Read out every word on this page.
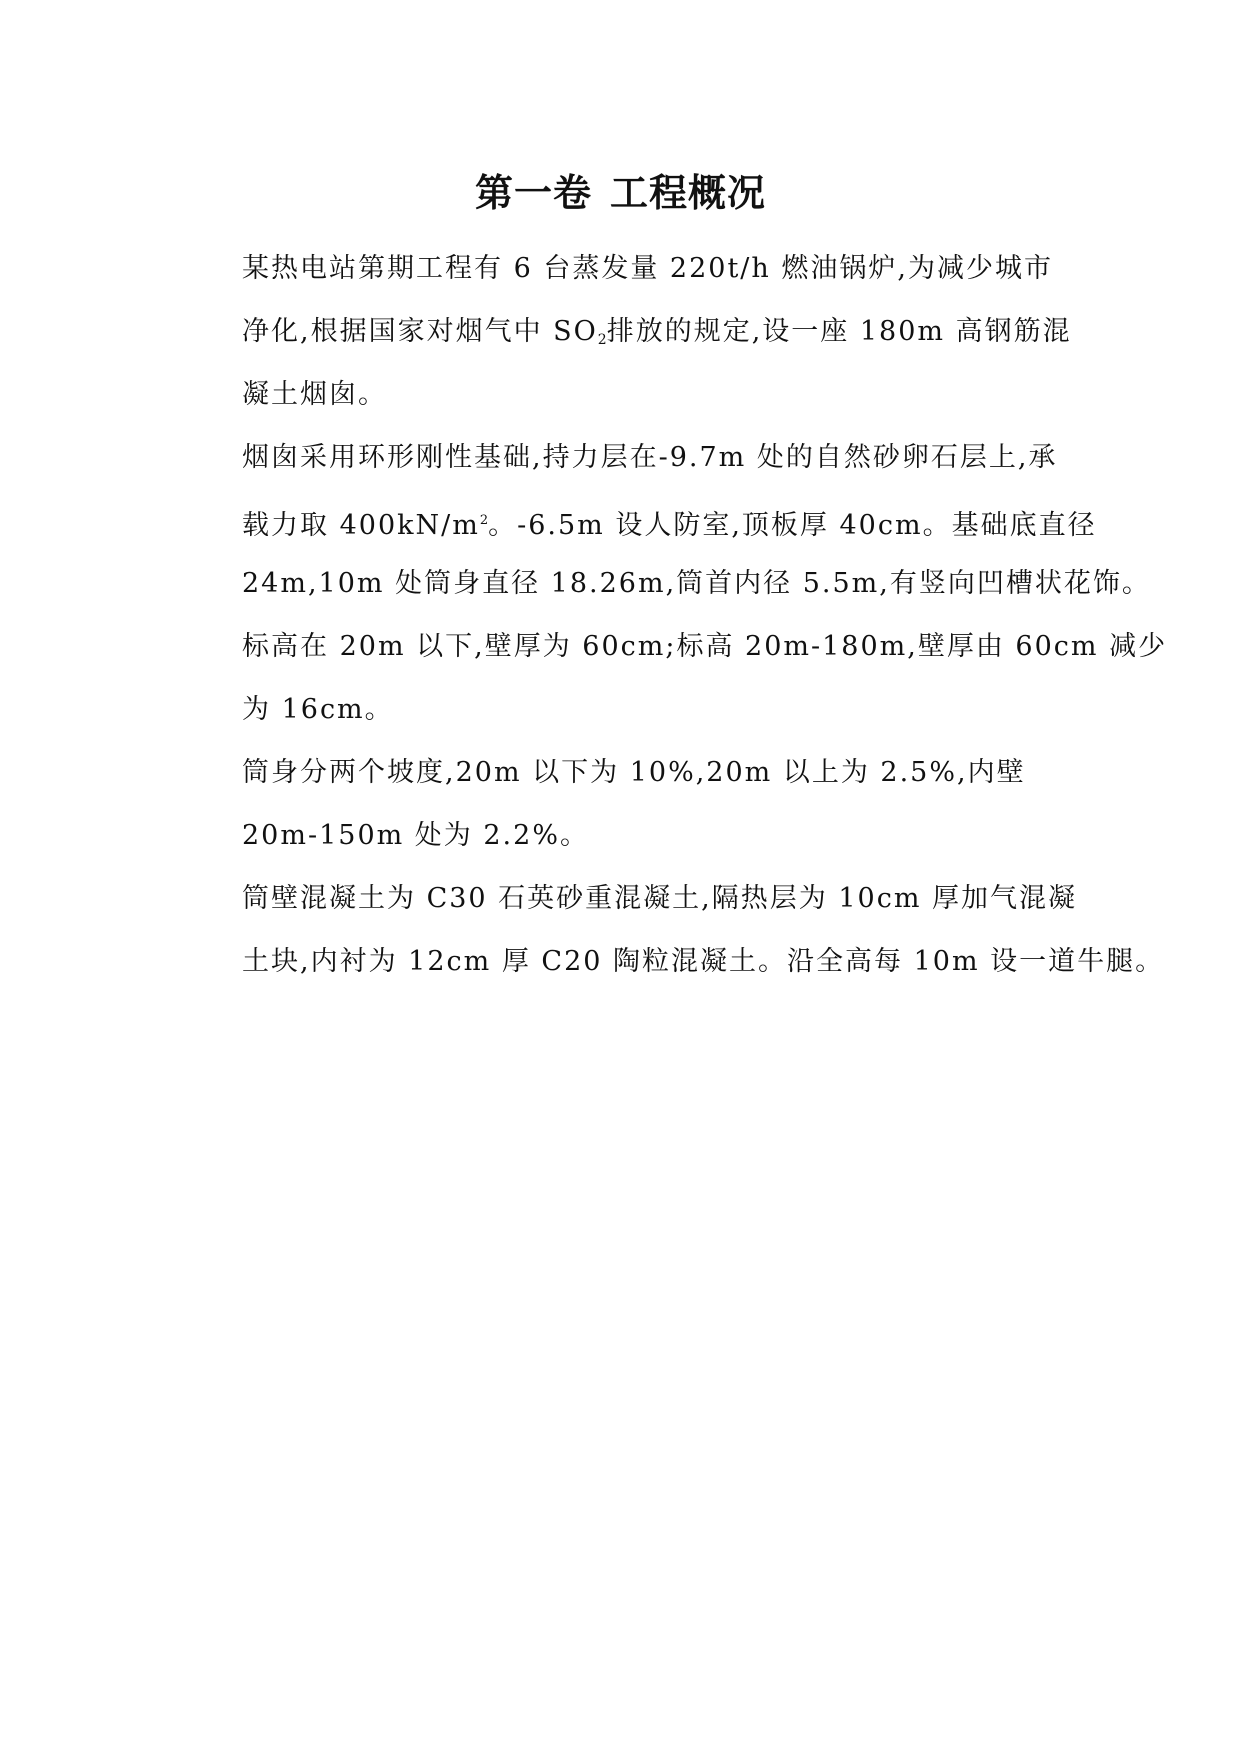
第一卷 工程概况
某热电站第期工程有 6 台蒸发量 220t/h 燃油锅炉,为减少城市
净化,根据国家对烟气中 $SO_2$排放的规定,设一座 180m 高钢筋混
凝土烟囱。
烟囱采用环形刚性基础,持力层在-9.7m 处的自然砂卵石层上,承
载力取 $400kN/m^2$。-6.5m 设人防室,顶板厚 40cm。基础底直径
24m,10m 处筒身直径 18.26m,筒首内径 5.5m,有竖向凹槽状花饰。
标高在 20m 以下,壁厚为 60cm;标高 20m-180m,壁厚由 60cm 减少
为 16cm。
筒身分两个坡度,20m 以下为 10%,20m 以上为 2.5%,内壁
20m-150m 处为 2.2%。
筒壁混凝土为 C30 石英砂重混凝土,隔热层为 10cm 厚加气混凝
土块,内衬为 12cm 厚 C20 陶粒混凝土。沿全高每 10m 设一道牛腿。
